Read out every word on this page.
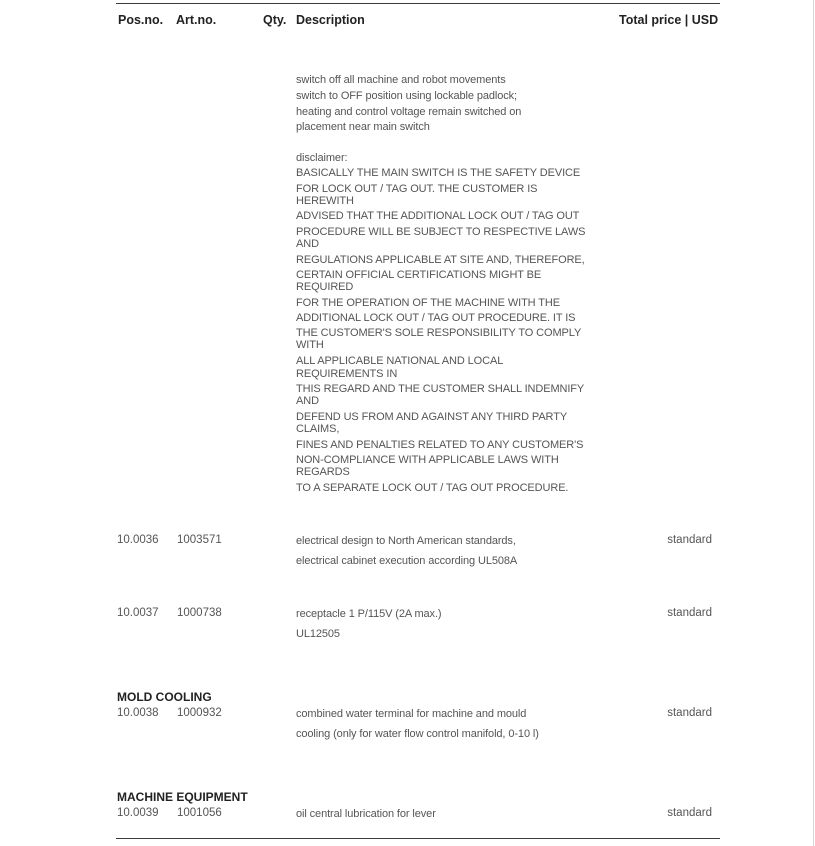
Pos.no. Art.no.	Qty. Description	Total price | USD
switch off all machine and robot movements
switch to OFF position using lockable padlock;
heating and control voltage remain switched on
placement near main switch
disclaimer:
BASICALLY THE MAIN SWITCH IS THE SAFETY DEVICE
FOR LOCK OUT / TAG OUT. THE CUSTOMER IS
HEREWITH
ADVISED THAT THE ADDITIONAL LOCK OUT / TAG OUT
PROCEDURE WILL BE SUBJECT TO RESPECTIVE LAWS
AND
REGULATIONS APPLICABLE AT SITE AND, THEREFORE,
CERTAIN OFFICIAL CERTIFICATIONS MIGHT BE
REQUIRED
FOR THE OPERATION OF THE MACHINE WITH THE
ADDITIONAL LOCK OUT / TAG OUT PROCEDURE. IT IS
THE CUSTOMER'S SOLE RESPONSIBILITY TO COMPLY
WITH
ALL APPLICABLE NATIONAL AND LOCAL
REQUIREMENTS IN
THIS REGARD AND THE CUSTOMER SHALL INDEMNIFY
AND
DEFEND US FROM AND AGAINST ANY THIRD PARTY
CLAIMS,
FINES AND PENALTIES RELATED TO ANY CUSTOMER'S
NON-COMPLIANCE WITH APPLICABLE LAWS WITH
REGARDS
TO A SEPARATE LOCK OUT / TAG OUT PROCEDURE.
10.0036 1003571	electrical design to North American standards,
electrical cabinet execution according UL508A
standard
10.0037 1000738	receptacle 1 P/115V (2A max.)
UL12505
standard
MOLD COOLING
10.0038 1000932	combined water terminal for machine and mould
cooling (only for water flow control manifold, 0-10 l)
standard
MACHINE EQUIPMENT
10.0039 1001056	oil central lubrication for lever	standard
